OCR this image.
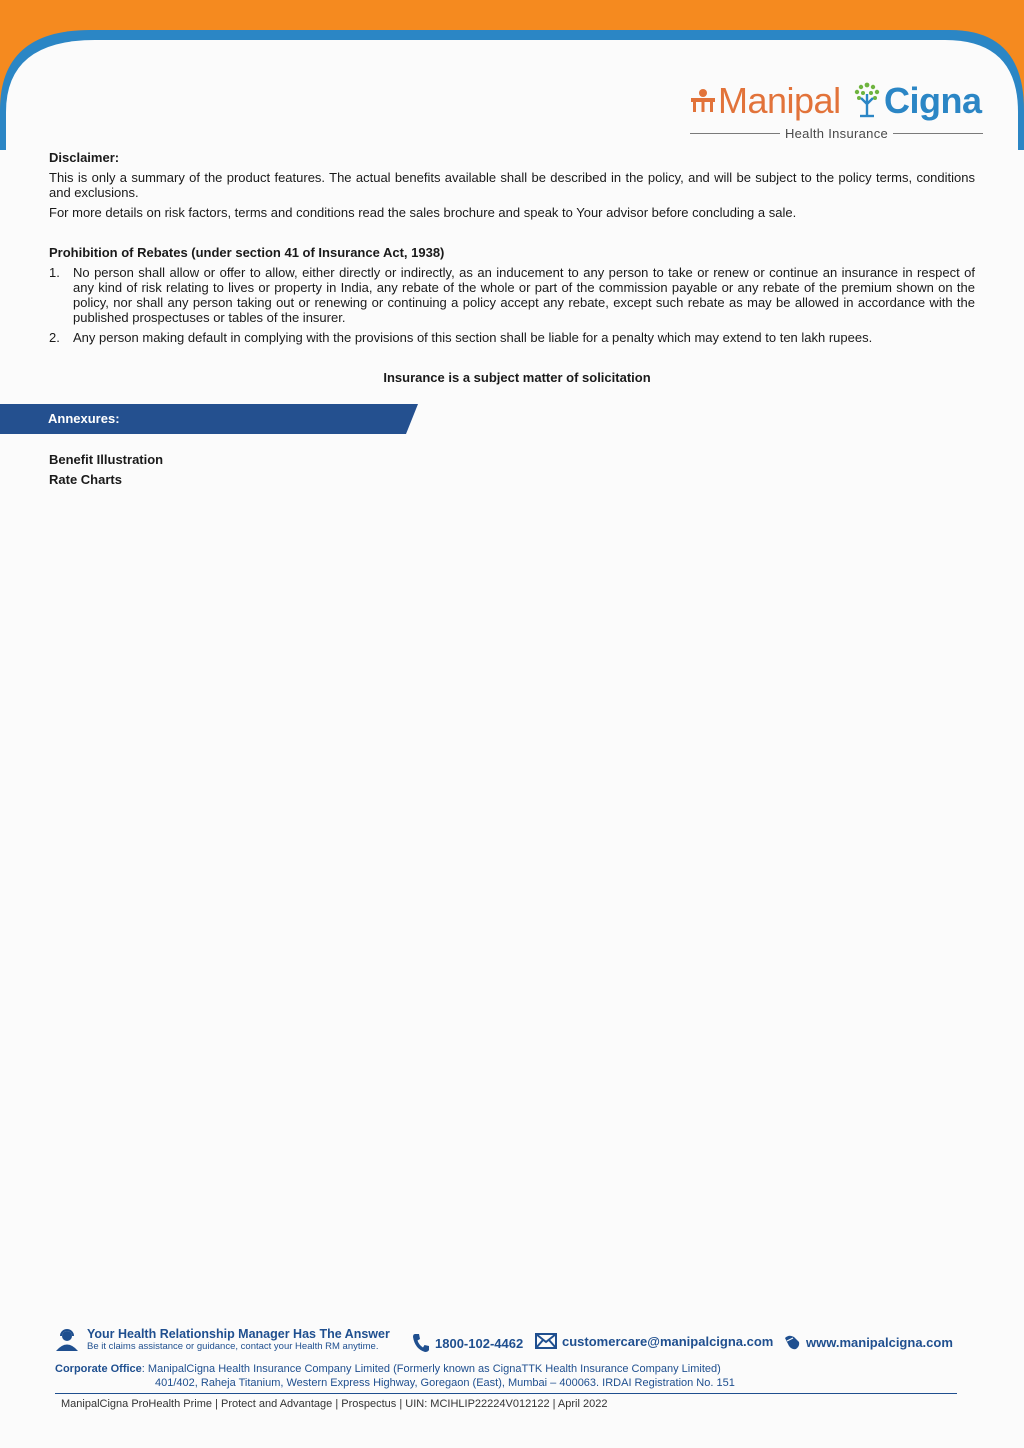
Manipal Cigna
Health Insurance
Disclaimer:

This is only a summary of the product features. The actual benefits available shall be described in the policy, and will be subject to the policy terms, conditions and exclusions.

For more details on risk factors, terms and conditions read the sales brochure and speak to Your advisor before concluding a sale.

Prohibition of Rebates (under section 41 of Insurance Act, 1938)
1. No person shall allow or offer to allow, either directly or indirectly, as an inducement to any person to take or renew or continue an insurance in respect of any kind of risk relating to lives or property in India, any rebate of the whole or part of the commission payable or any rebate of the premium shown on the policy, nor shall any person taking out or renewing or continuing a policy accept any rebate, except such rebate as may be allowed in accordance with the published prospectuses or tables of the insurer.
2. Any person making default in complying with the provisions of this section shall be liable for a penalty which may extend to ten lakh rupees.
Insurance is a subject matter of solicitation
Annexures:
Benefit Illustration
Rate Charts
Your Health Relationship Manager Has The Answer
Be it claims assistance or guidance, contact your Health RM anytime.	1800-102-4462	customercare@manipalcigna.com	www.manipalcigna.com
Corporate Office: ManipalCigna Health Insurance Company Limited (Formerly known as CignaTTK Health Insurance Company Limited)
401/402, Raheja Titanium, Western Express Highway, Goregaon (East), Mumbai – 400063. IRDAI Registration No. 151
ManipalCigna ProHealth Prime | Protect and Advantage | Prospectus | UIN: MCIHLIP22224V012122 | April 2022
